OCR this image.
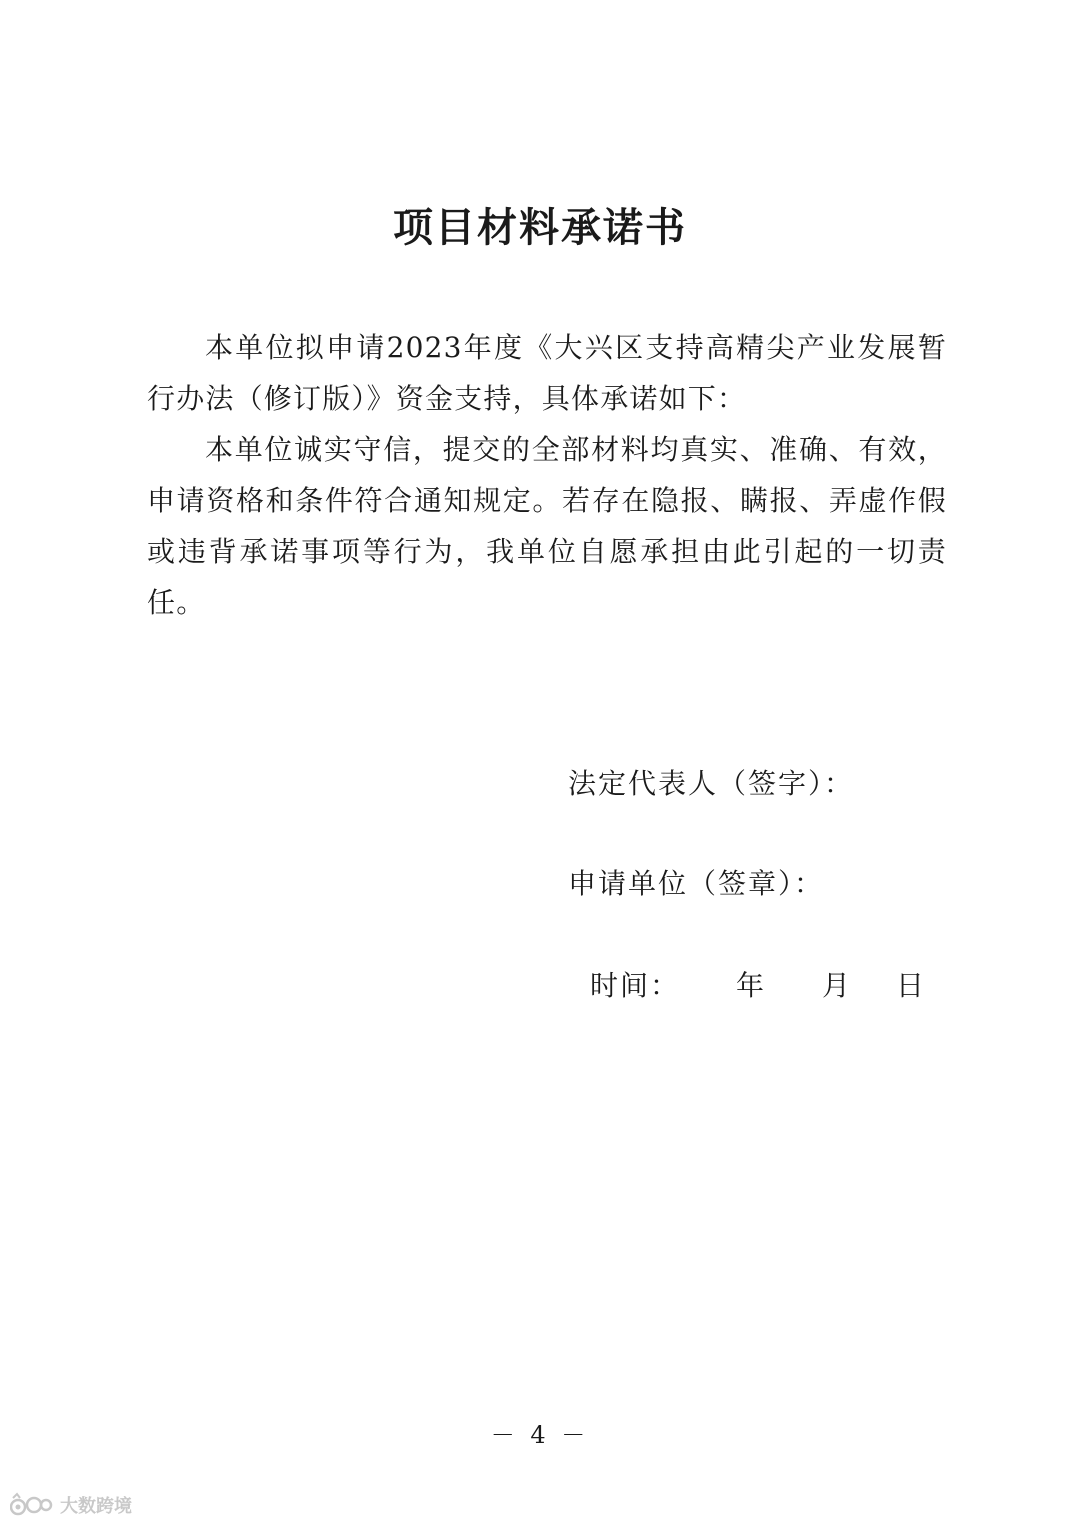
项目材料承诺书

本单位拟申请2023年度《大兴区支持高精尖产业发展暂行办法（修订版）》资金支持，具体承诺如下：

本单位诚实守信，提交的全部材料均真实、准确、有效，申请资格和条件符合通知规定。若存在隐报、瞒报、弄虚作假或违背承诺事项等行为，我单位自愿承担由此引起的一切责任。

法定代表人（签字）：
申请单位（签章）：
时间： 年 月 日
－ 4 －
大数跨境
